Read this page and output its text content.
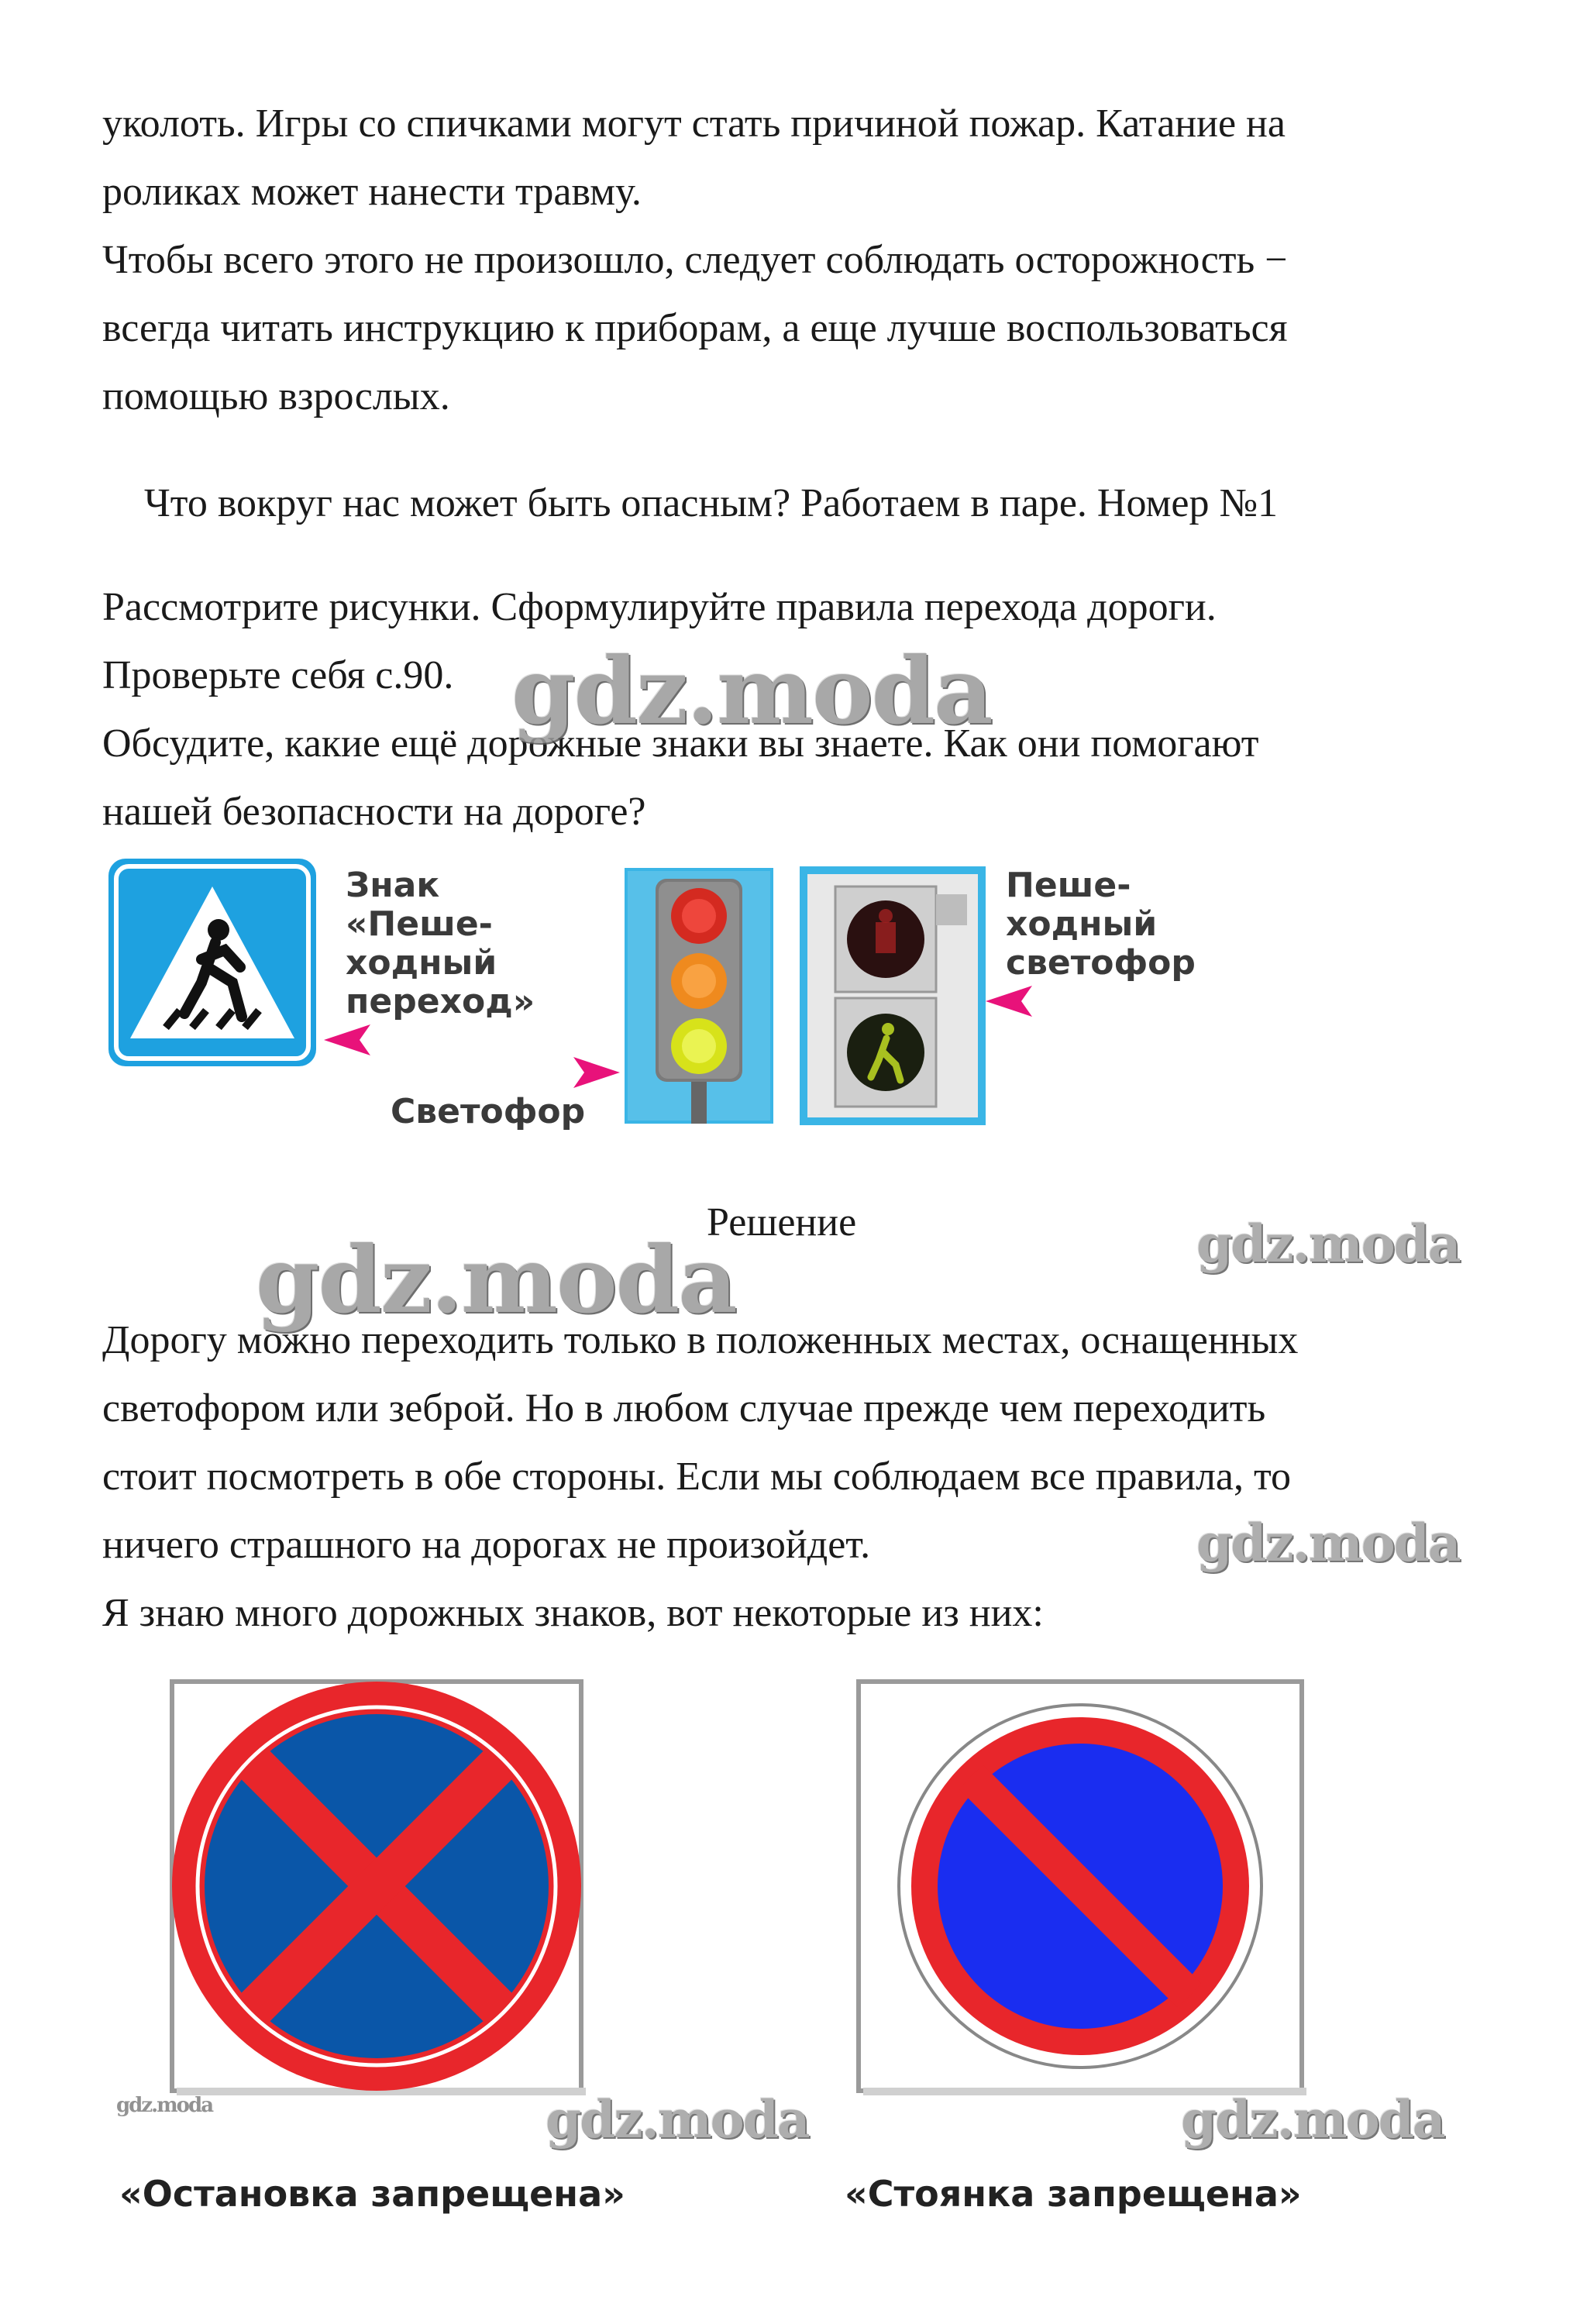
уколоть. Игры со спичками могут стать причиной пожар. Катание на
роликах может нанести травму.
Чтобы всего этого не произошло, следует соблюдать осторожность −
всегда читать инструкцию к приборам, а еще лучше воспользоваться
помощью взрослых.
Что вокруг нас может быть опасным? Работаем в паре. Номер №1
Рассмотрите рисунки. Сформулируйте правила перехода дороги.
Проверьте себя с.90.
Обсудите, какие ещё дорожные знаки вы знаете. Как они помогают
нашей безопасности на дороге?
gdz.moda
Знак
«Пеше-
ходный
переход»
Светофор
Пеше-
ходный
светофор
Решение
gdz.moda	gdz.moda
Дорогу можно переходить только в положенных местах, оснащенных
светофором или зеброй. Но в любом случае прежде чем переходить
стоит посмотреть в обе стороны. Если мы соблюдаем все правила, то
ничего страшного на дорогах не произойдет.	gdz.moda
Я знаю много дорожных знаков, вот некоторые из них:
gdz.moda	gdz.moda	gdz.moda
«Остановка запрещена»	«Стоянка запрещена»
